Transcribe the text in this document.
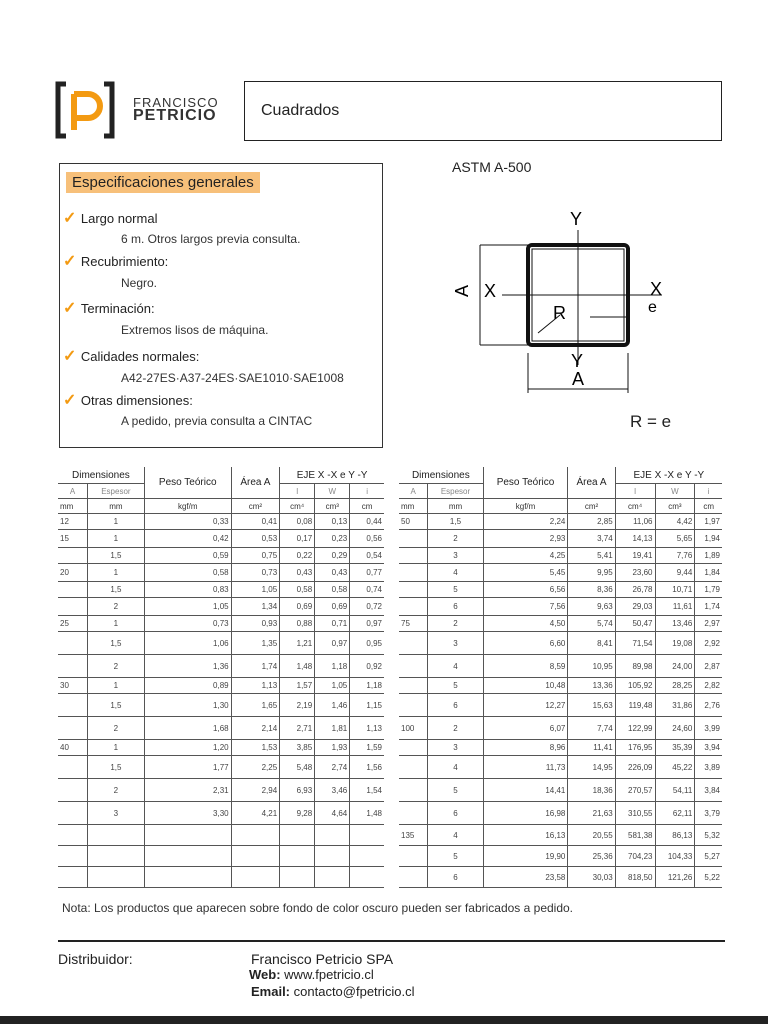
FRANCISCO
PETRICIO	Cuadrados
Especificaciones generales
✓ Largo normal
6 m. Otros largos previa consulta.
✓ Recubrimiento:
Negro.
✓ Terminación:
Extremos lisos de máquina.
✓ Calidades normales:
A42-27ES·A37-24ES·SAE1010·SAE1008
✓ Otras dimensiones:
A pedido, previa consulta a CINTAC
ASTM A-500
Y
X	X
A
R	e
Y
A
R = e
Dimensiones		Peso Teórico	Área A	EJE X -X e Y -Y		
A	Espesor			I	W	i
mm	mm	kgf/m	cm²	cm⁴	cm³	cm
12	1	0,33	0,41	0,08	0,13	0,44
15	1	0,42	0,53	0,17	0,23	0,56
	1,5	0,59	0,75	0,22	0,29	0,54
20	1	0,58	0,73	0,43	0,43	0,77
	1,5	0,83	1,05	0,58	0,58	0,74
	2	1,05	1,34	0,69	0,69	0,72
25	1	0,73	0,93	0,88	0,71	0,97
	1,5	1,06	1,35	1,21	0,97	0,95
	2	1,36	1,74	1,48	1,18	0,92
30	1	0,89	1,13	1,57	1,05	1,18
	1,5	1,30	1,65	2,19	1,46	1,15
	2	1,68	2,14	2,71	1,81	1,13
40	1	1,20	1,53	3,85	1,93	1,59
	1,5	1,77	2,25	5,48	2,74	1,56
	2	2,31	2,94	6,93	3,46	1,54
	3	3,30	4,21	9,28	4,64	1,48

Dimensiones		Peso Teórico	Área A	EJE X -X e Y -Y		
A	Espesor			I	W	i
mm	mm	kgf/m	cm²	cm⁴	cm³	cm
50	1,5	2,24	2,85	11,06	4,42	1,97
	2	2,93	3,74	14,13	5,65	1,94
	3	4,25	5,41	19,41	7,76	1,89
	4	5,45	9,95	23,60	9,44	1,84
	5	6,56	8,36	26,78	10,71	1,79
	6	7,56	9,63	29,03	11,61	1,74
75	2	4,50	5,74	50,47	13,46	2,97
	3	6,60	8,41	71,54	19,08	2,92
	4	8,59	10,95	89,98	24,00	2,87
	5	10,48	13,36	105,92	28,25	2,82
	6	12,27	15,63	119,48	31,86	2,76
100	2	6,07	7,74	122,99	24,60	3,99
	3	8,96	11,41	176,95	35,39	3,94
	4	11,73	14,95	226,09	45,22	3,89
	5	14,41	18,36	270,57	54,11	3,84
	6	16,98	21,63	310,55	62,11	3,79
135	4	16,13	20,55	581,38	86,13	5,32
	5	19,90	25,36	704,23	104,33	5,27
	6	23,58	30,03	818,50	121,26	5,22
Nota: Los productos que aparecen sobre fondo de color oscuro pueden ser fabricados a pedido.
Distribuidor:	Francisco Petricio SPA
Web: www.fpetricio.cl
Email: contacto@fpetricio.cl
